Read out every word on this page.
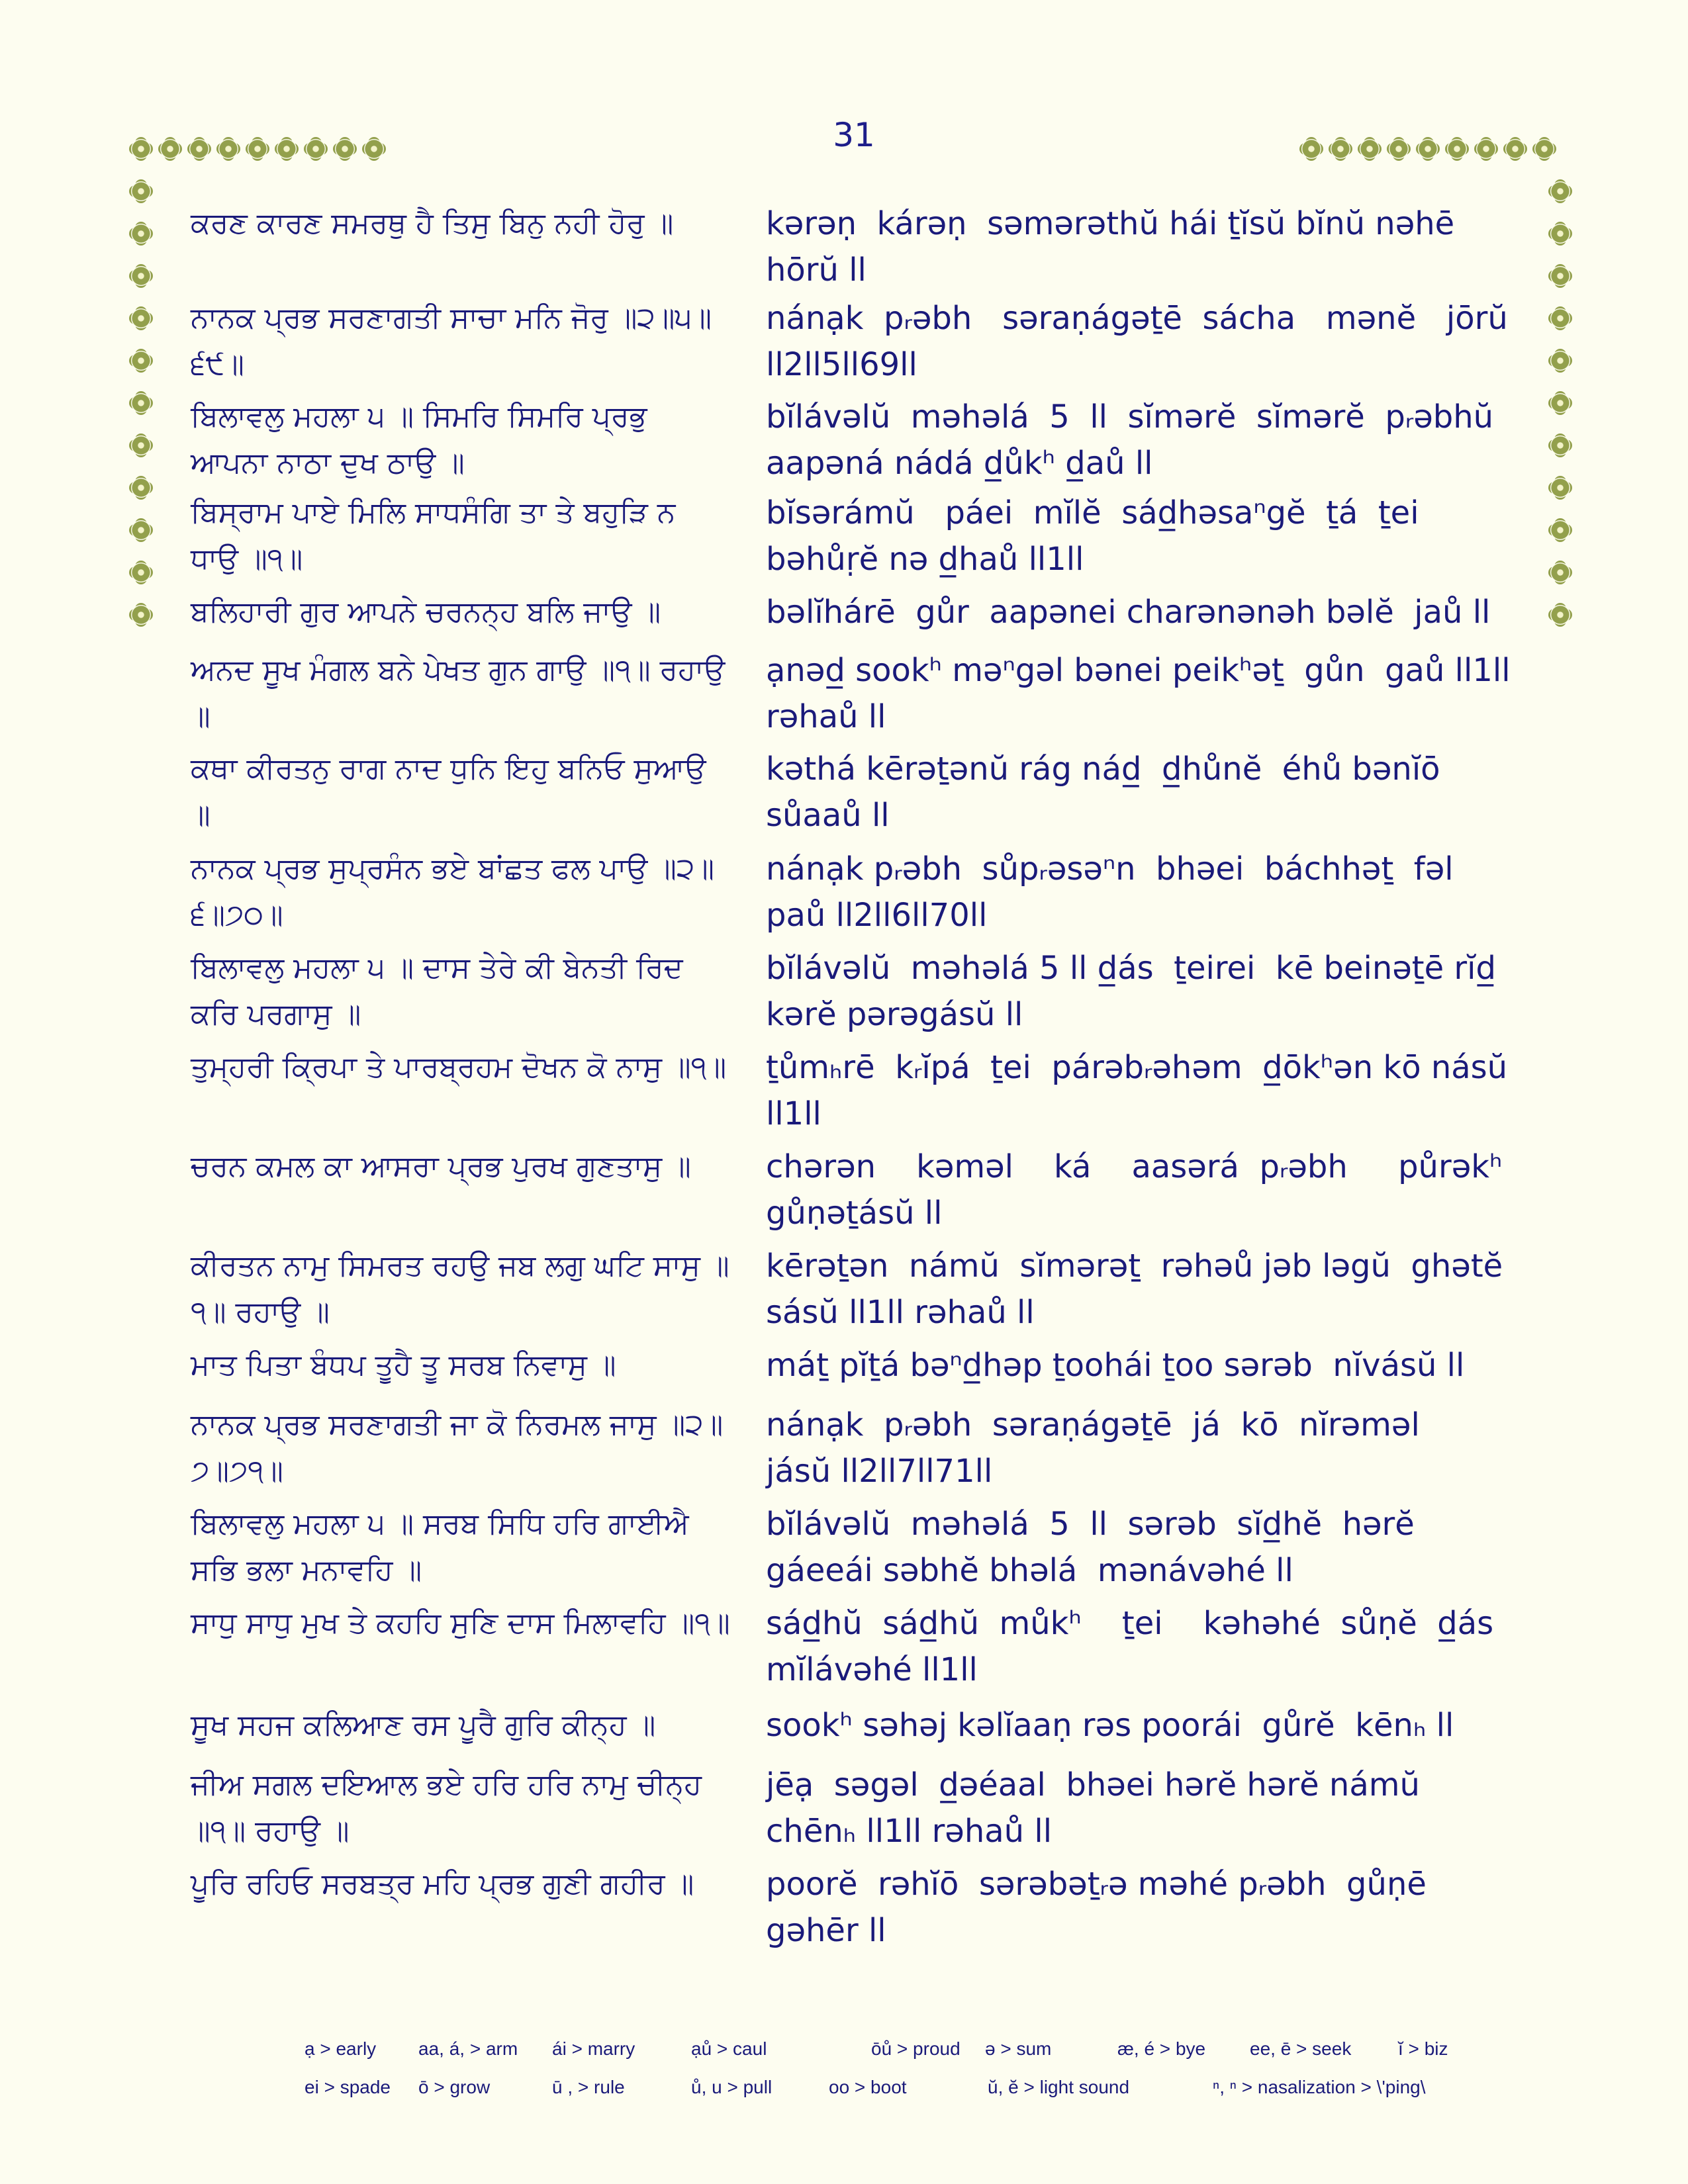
31
ਕਰਣ ਕਾਰਣ ਸਮਰਥੁ ਹੈ ਤਿਸੁ ਬਿਨੁ ਨਹੀ ਹੋਰੁ ॥	kərəṇ  kárəṇ  səmərəthŭ hái ṯĭsŭ bĭnŭ nəhē hōrŭ ll
ਨਾਨਕ ਪ੍ਰਭ ਸਰਣਾਗਤੀ ਸਾਚਾ ਮਨਿ ਜੋਰੁ ॥੨॥੫॥੬੯॥
nánạk  pᵣəbh   səraṇágəṯē  sácha   mənĕ   jōrŭ ll2ll5ll69ll
ਬਿਲਾਵਲੁ ਮਹਲਾ ੫ ॥ ਸਿਮਰਿ ਸਿਮਰਿ ਪ੍ਰਭੁ ਆਪਨਾ ਨਾਠਾ ਦੁਖ ਠਾਉ ॥
bĭlávəlŭ  məhəlá  5  ll  sĭmərĕ  sĭmərĕ  pᵣəbhŭ aapəná nádá d̲ůkʰ d̲aů ll
ਬਿਸ੍ਰਾਮ ਪਾਏ ਮਿਲਿ ਸਾਧਸੰਗਿ ਤਾ ਤੇ ਬਹੁੜਿ ਨ ਧਾਉ ॥੧॥
bĭsərámŭ   páei  mĭlĕ  sád̲həsaⁿgĕ  ṯá  ṯei   bəhůṛĕ nə d̲haů ll1ll
ਬਲਿਹਾਰੀ ਗੁਰ ਆਪਨੇ ਚਰਨਨ੍ਹ ਬਲਿ ਜਾਉ ॥	bəlĭhárē  gůr  aapənei charənənəh bəlĕ  jaů ll
ਅਨਦ ਸੂਖ ਮੰਗਲ ਬਨੇ ਪੇਖਤ ਗੁਨ ਗਾਉ ॥੧॥ ਰਹਾਉ ॥
ạnəd̲ sookʰ məⁿgəl bənei peikʰəṯ  gůn  gaů ll1ll rəhaů ll
ਕਥਾ ਕੀਰਤਨੁ ਰਾਗ ਨਾਦ ਧੁਨਿ ਇਹੁ ਬਨਿਓ ਸੁਆਉ ॥
kəthá kērəṯənŭ rág nád̲  d̲hůnĕ  éhů bənĭō sůaaů ll
ਨਾਨਕ ਪ੍ਰਭ ਸੁਪ੍ਰਸੰਨ ਭਏ ਬਾਂਛਤ ਫਲ ਪਾਉ ॥੨॥੬॥੭੦॥
nánạk pᵣəbh  sůpᵣəsəⁿn  bhəei  báchhəṯ  fəl   paů ll2ll6ll70ll
ਬਿਲਾਵਲੁ ਮਹਲਾ ੫ ॥ ਦਾਸ ਤੇਰੇ ਕੀ ਬੇਨਤੀ ਰਿਦ ਕਰਿ ਪਰਗਾਸੁ ॥
bĭlávəlŭ  məhəlá 5 ll d̲ás  ṯeirei  kē beinəṯē rĭd̲ kərĕ pərəgásŭ ll
ਤੁਮ੍ਹਰੀ ਕ੍ਰਿਪਾ ਤੇ ਪਾਰਬ੍ਰਹਮ ਦੋਖਨ ਕੋ ਨਾਸੁ ॥੧॥ ṯůmₕrē  kᵣĭpá  ṯei  párəbᵣəhəm  d̲ōkʰən kō násŭ ll1ll
ਚਰਨ ਕਮਲ ਕਾ ਆਸਰਾ ਪ੍ਰਭ ਪੁਰਖ ਗੁਣਤਾਸੁ ॥	chərən    kəməl    ká    aasərá  pᵣəbh     půrəkʰ gůṇəṯásŭ ll
ਕੀਰਤਨ ਨਾਮੁ ਸਿਮਰਤ ਰਹਉ ਜਬ ਲਗੁ ਘਟਿ ਸਾਸੁ ॥੧॥ ਰਹਾਉ ॥
kērəṯən  námŭ  sĭmərəṯ  rəhəů jəb ləgŭ  ghətĕ sásŭ ll1ll rəhaů ll
ਮਾਤ ਪਿਤਾ ਬੰਧਪ ਤੂਹੈ ਤੂ ਸਰਬ ਨਿਵਾਸੁ ॥	máṯ pĭṯá bəⁿd̲həp ṯoohái ṯoo sərəb  nĭvásŭ ll
ਨਾਨਕ ਪ੍ਰਭ ਸਰਣਾਗਤੀ ਜਾ ਕੋ ਨਿਰਮਲ ਜਾਸੁ ॥੨॥੭॥੭੧॥
nánạk  pᵣəbh  səraṇágəṯē  já  kō  nĭrəməl    jásŭ ll2ll7ll71ll
ਬਿਲਾਵਲੁ ਮਹਲਾ ੫ ॥ ਸਰਬ ਸਿਧਿ ਹਰਿ ਗਾਈਐ ਸਭਿ ਭਲਾ ਮਨਾਵਹਿ ॥
bĭlávəlŭ  məhəlá  5  ll  sərəb  sĭd̲hĕ  hərĕ  gáeeái səbhĕ bhəlá  mənávəhé ll
ਸਾਧੁ ਸਾਧੁ ਮੁਖ ਤੇ ਕਹਹਿ ਸੁਣਿ ਦਾਸ ਮਿਲਾਵਹਿ ॥੧॥ sád̲hŭ  sád̲hŭ  můkʰ    ṯei    kəhəhé  sůṇĕ  d̲ás mĭlávəhé ll1ll
ਸੂਖ ਸਹਜ ਕਲਿਆਣ ਰਸ ਪੂਰੈ ਗੁਰਿ ਕੀਨ੍ਹ ॥	sookʰ səhəj kəlĭaaṇ rəs poorái  gůrĕ  kēnₕ ll
ਜੀਅ ਸਗਲ ਦਇਆਲ ਭਏ ਹਰਿ ਹਰਿ ਨਾਮੁ ਚੀਨ੍ਹ ॥੧॥ ਰਹਾਉ ॥
jēạ  səgəl  d̲əéaal  bhəei hərĕ hərĕ námŭ  chēnₕ ll1ll rəhaů ll
ਪੂਰਿ ਰਹਿਓ ਸਰਬਤ੍ਰ ਮਹਿ ਪ੍ਰਭ ਗੁਣੀ ਗਹੀਰ ॥	poorĕ  rəhĭō  sərəbəṯᵣə məhé pᵣəbh  gůṇē  gəhēr ll
ạ > early aa, á, > arm ái > marry	ạů > caul	ōů > proud ə > sum	æ, é > bye ee, ē > seek	ĭ > biz
ei > spade ō > grow	ū , > rule	ů, u > pull	oo > boot	ŭ, ĕ > light sound	ⁿ, ⁿ > nasalization > \'ping\
